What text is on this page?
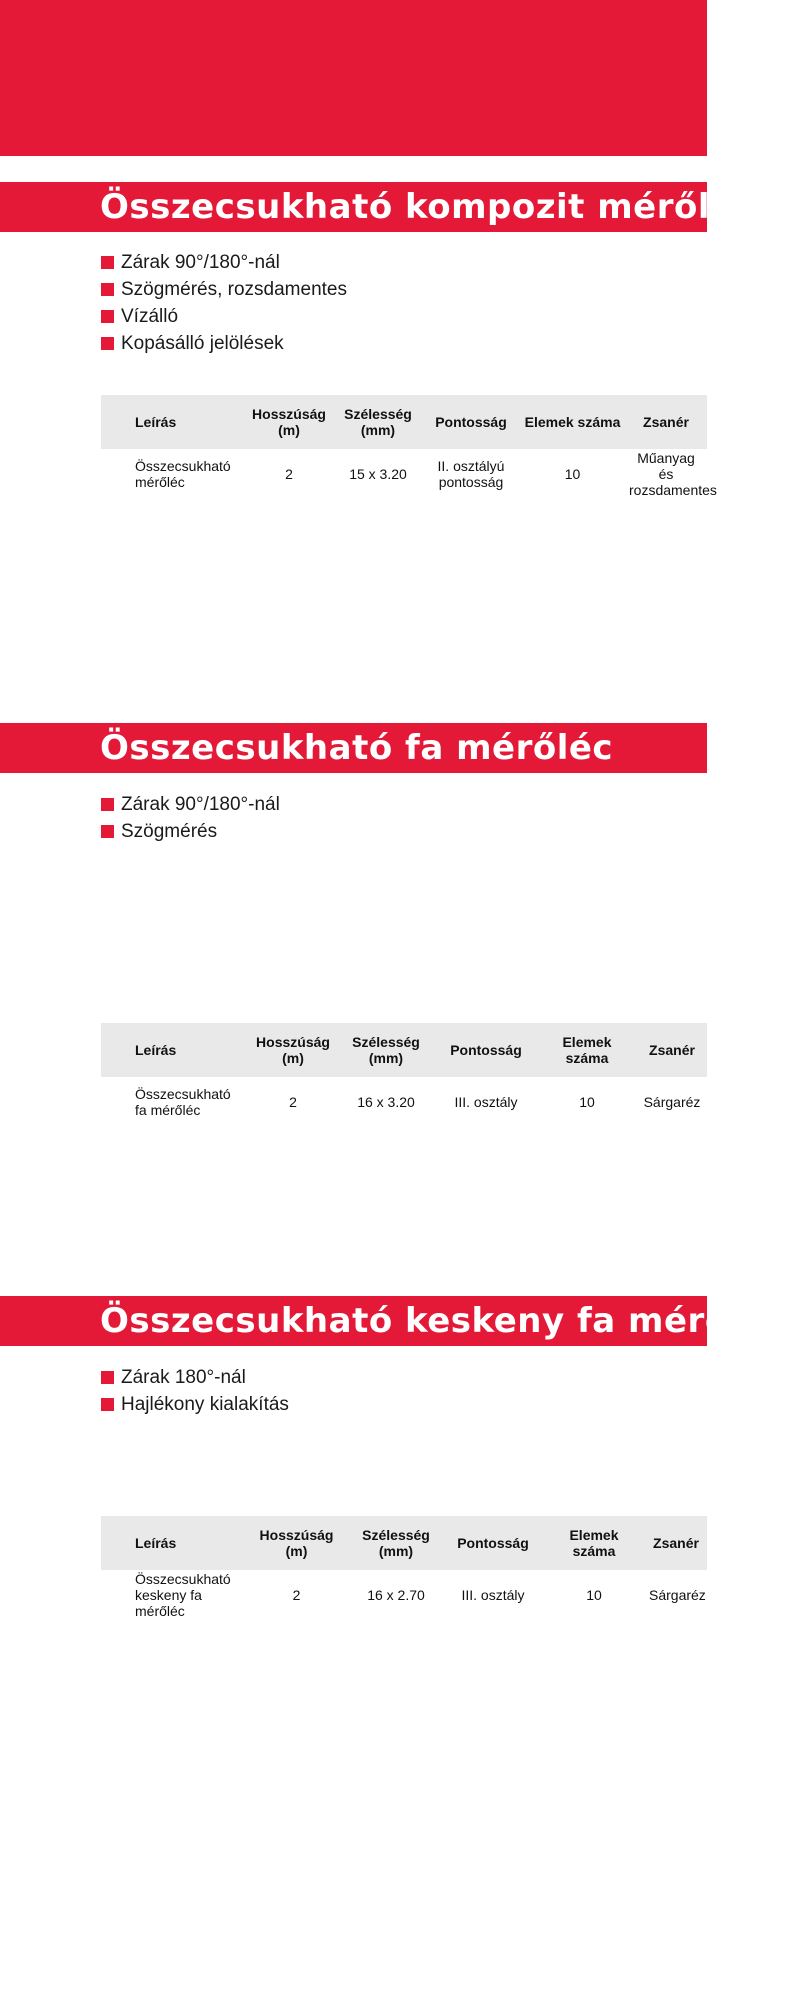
Összecsukható kompozit mérőléc
Zárak 90°/180°-nál
Szögmérés, rozsdamentes
Vízálló
Kopásálló jelölések
Leírás	Hosszúság (m)	Szélesség (mm)	Pontosság	Elemek száma	Zsanér
Összecsukható mérőléc	2	15 x 3.20	II. osztályú pontosság	10	Műanyag és rozsdamentes
Összecsukható fa mérőléc
Zárak 90°/180°-nál
Szögmérés
Leírás	Hosszúság (m)	Szélesség (mm)	Pontosság	Elemek száma	Zsanér
Összecsukható fa mérőléc	2	16 x 3.20	III. osztály	10	Sárgaréz
Összecsukható keskeny fa mérőléc
Zárak 180°-nál
Hajlékony kialakítás
Leírás	Hosszúság (m)	Szélesség (mm)	Pontosság	Elemek száma	Zsanér
Összecsukható keskeny fa mérőléc	2	16 x 2.70	III. osztály	10	Sárgaréz
